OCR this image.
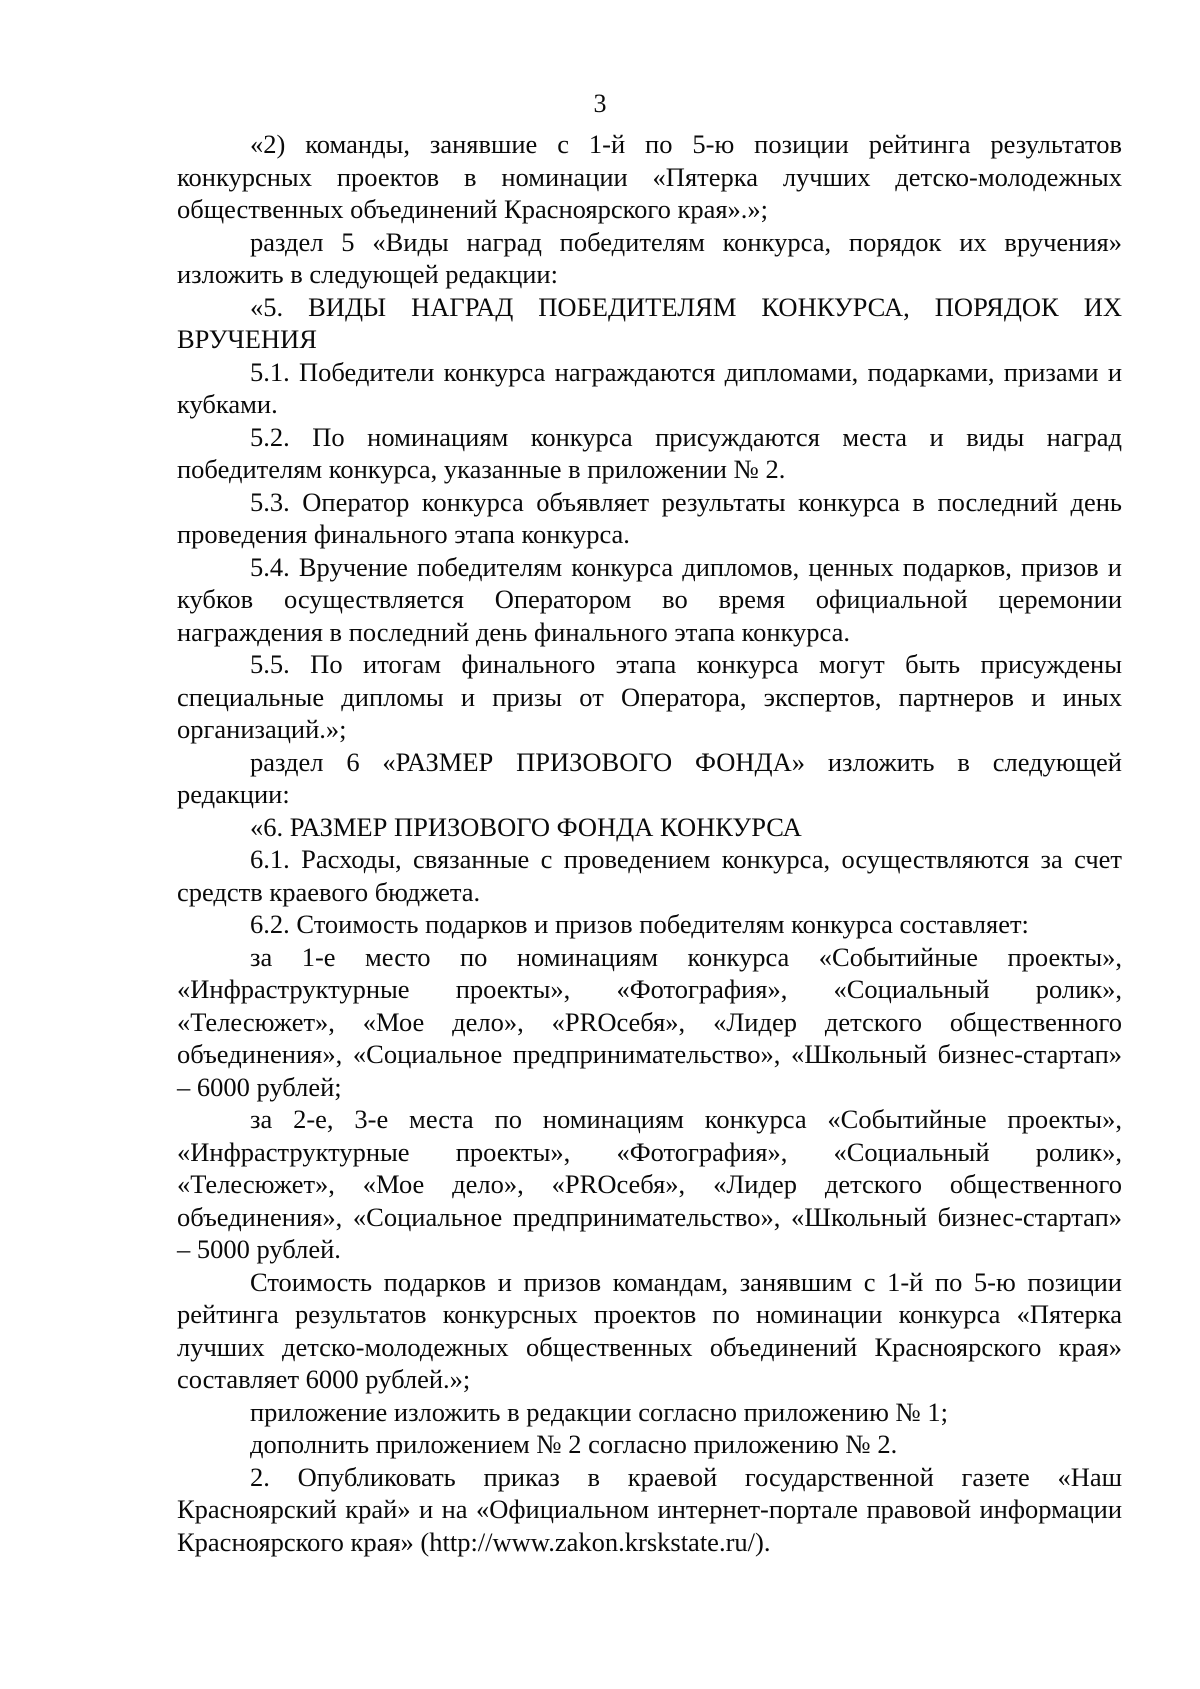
3

«2) команды, занявшие с 1-й по 5-ю позиции рейтинга результатов конкурсных проектов в номинации «Пятерка лучших детско-молодежных общественных объединений Красноярского края».»;

раздел 5 «Виды наград победителям конкурса, порядок их вручения» изложить в следующей редакции:

«5. ВИДЫ НАГРАД ПОБЕДИТЕЛЯМ КОНКУРСА, ПОРЯДОК ИХ ВРУЧЕНИЯ

5.1. Победители конкурса награждаются дипломами, подарками, призами и кубками.

5.2. По номинациям конкурса присуждаются места и виды наград победителям конкурса, указанные в приложении № 2.

5.3. Оператор конкурса объявляет результаты конкурса в последний день проведения финального этапа конкурса.

5.4. Вручение победителям конкурса дипломов, ценных подарков, призов и кубков осуществляется Оператором во время официальной церемонии награждения в последний день финального этапа конкурса.

5.5. По итогам финального этапа конкурса могут быть присуждены специальные дипломы и призы от Оператора, экспертов, партнеров и иных организаций.»;

раздел 6 «РАЗМЕР ПРИЗОВОГО ФОНДА» изложить в следующей редакции:

«6. РАЗМЕР ПРИЗОВОГО ФОНДА КОНКУРСА

6.1. Расходы, связанные с проведением конкурса, осуществляются за счет средств краевого бюджета.

6.2. Стоимость подарков и призов победителям конкурса составляет:

за 1-е место по номинациям конкурса «Событийные проекты», «Инфраструктурные проекты», «Фотография», «Социальный ролик», «Телесюжет», «Мое дело», «PROсебя», «Лидер детского общественного объединения», «Социальное предпринимательство», «Школьный бизнес-стартап» – 6000 рублей;

за 2-е, 3-е места по номинациям конкурса «Событийные проекты», «Инфраструктурные проекты», «Фотография», «Социальный ролик», «Телесюжет», «Мое дело», «PROсебя», «Лидер детского общественного объединения», «Социальное предпринимательство», «Школьный бизнес-стартап» – 5000 рублей.

Стоимость подарков и призов командам, занявшим с 1-й по 5-ю позиции рейтинга результатов конкурсных проектов по номинации конкурса «Пятерка лучших детско-молодежных общественных объединений Красноярского края» составляет 6000 рублей.»;

приложение изложить в редакции согласно приложению № 1;

дополнить приложением № 2 согласно приложению № 2.

2. Опубликовать приказ в краевой государственной газете «Наш Красноярский край» и на «Официальном интернет-портале правовой информации Красноярского края» (http://www.zakon.krskstate.ru/).
